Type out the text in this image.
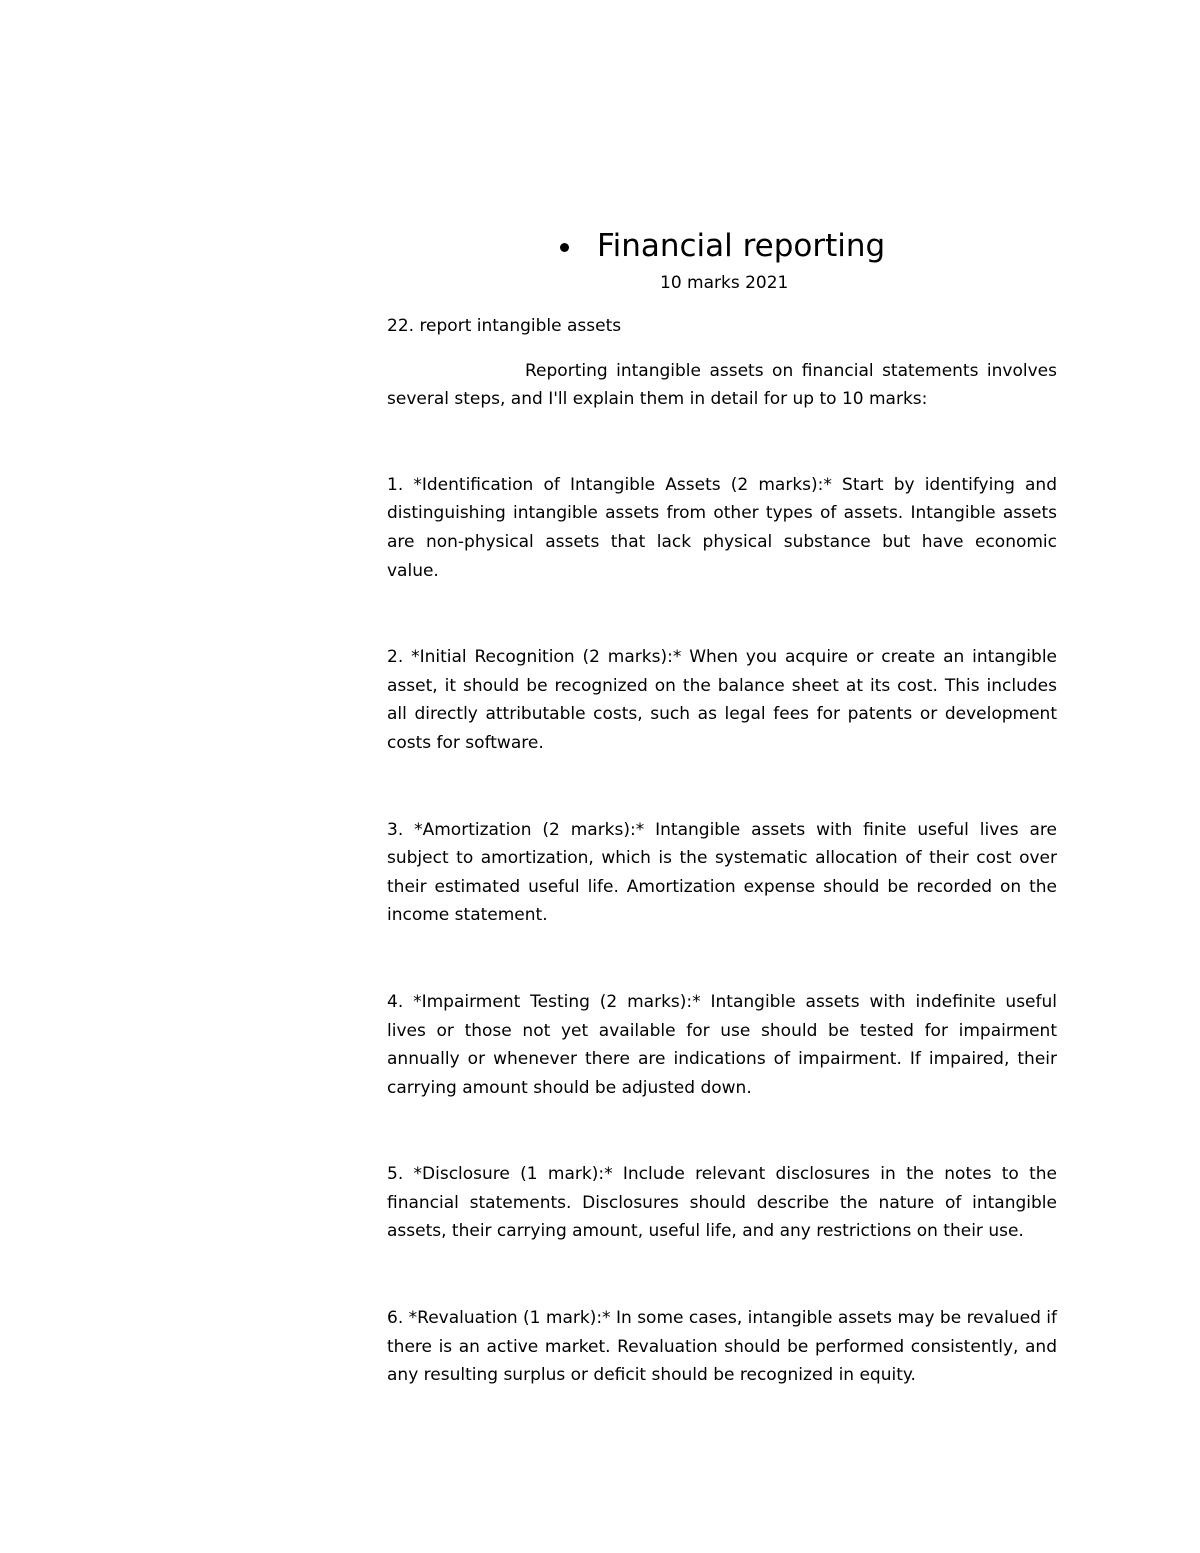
Financial reporting
10 marks 2021

22. report intangible assets

Reporting intangible assets on financial statements involves several steps, and I'll explain them in detail for up to 10 marks:

1. *Identification of Intangible Assets (2 marks):* Start by identifying and distinguishing intangible assets from other types of assets. Intangible assets are non-physical assets that lack physical substance but have economic value.

2. *Initial Recognition (2 marks):* When you acquire or create an intangible asset, it should be recognized on the balance sheet at its cost. This includes all directly attributable costs, such as legal fees for patents or development costs for software.

3. *Amortization (2 marks):* Intangible assets with finite useful lives are subject to amortization, which is the systematic allocation of their cost over their estimated useful life. Amortization expense should be recorded on the income statement.

4. *Impairment Testing (2 marks):* Intangible assets with indefinite useful lives or those not yet available for use should be tested for impairment annually or whenever there are indications of impairment. If impaired, their carrying amount should be adjusted down.

5. *Disclosure (1 mark):* Include relevant disclosures in the notes to the financial statements. Disclosures should describe the nature of intangible assets, their carrying amount, useful life, and any restrictions on their use.

6. *Revaluation (1 mark):* In some cases, intangible assets may be revalued if there is an active market. Revaluation should be performed consistently, and any resulting surplus or deficit should be recognized in equity.
